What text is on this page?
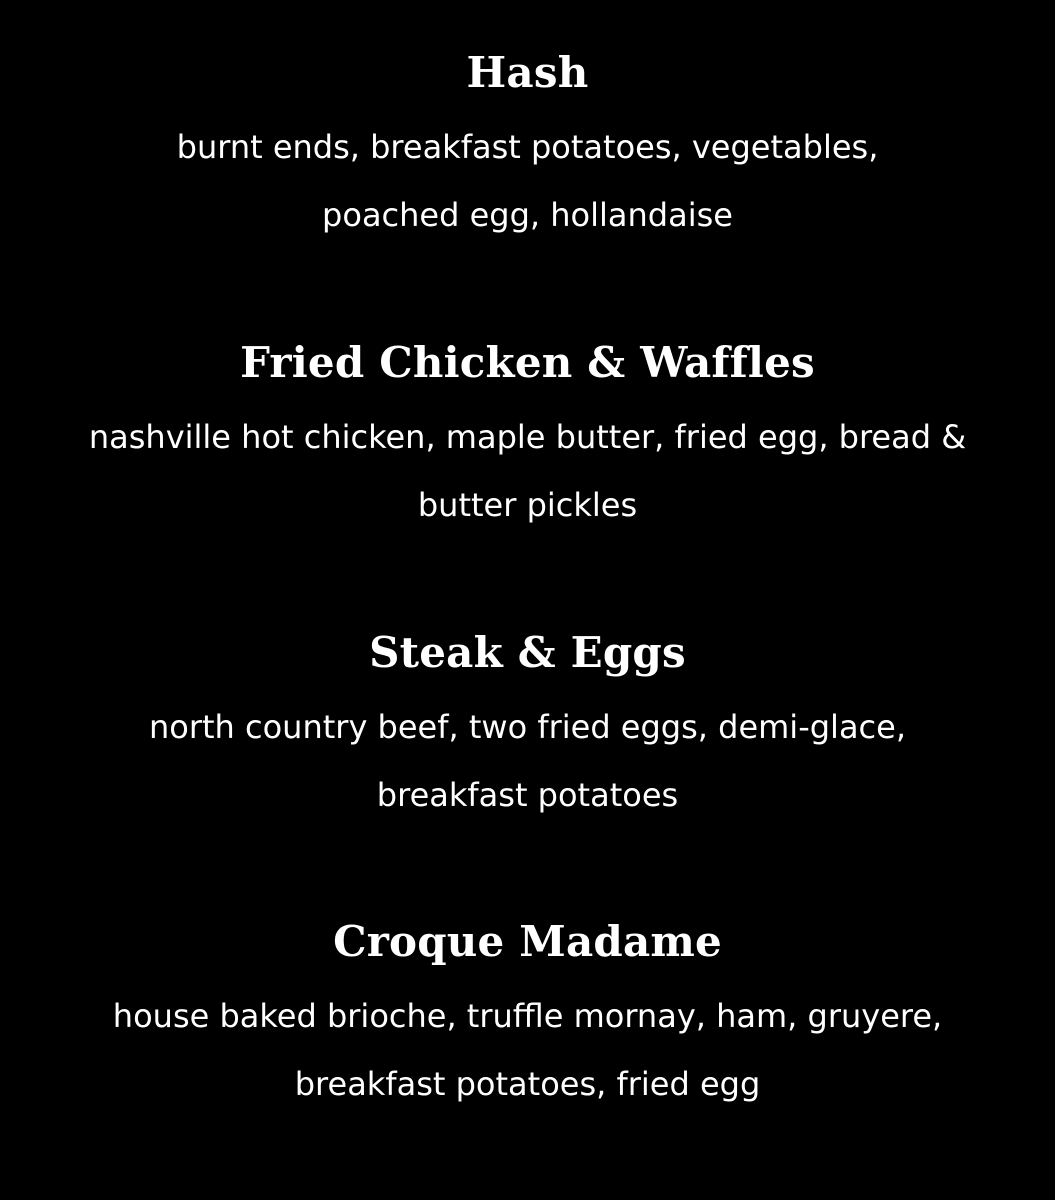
Hash

burnt ends, breakfast potatoes, vegetables, poached egg, hollandaise

Fried Chicken & Waffles

nashville hot chicken, maple butter, fried egg, bread & butter pickles

Steak & Eggs

north country beef, two fried eggs, demi-glace, breakfast potatoes

Croque Madame

house baked brioche, truffle mornay, ham, gruyere, breakfast potatoes, fried egg
